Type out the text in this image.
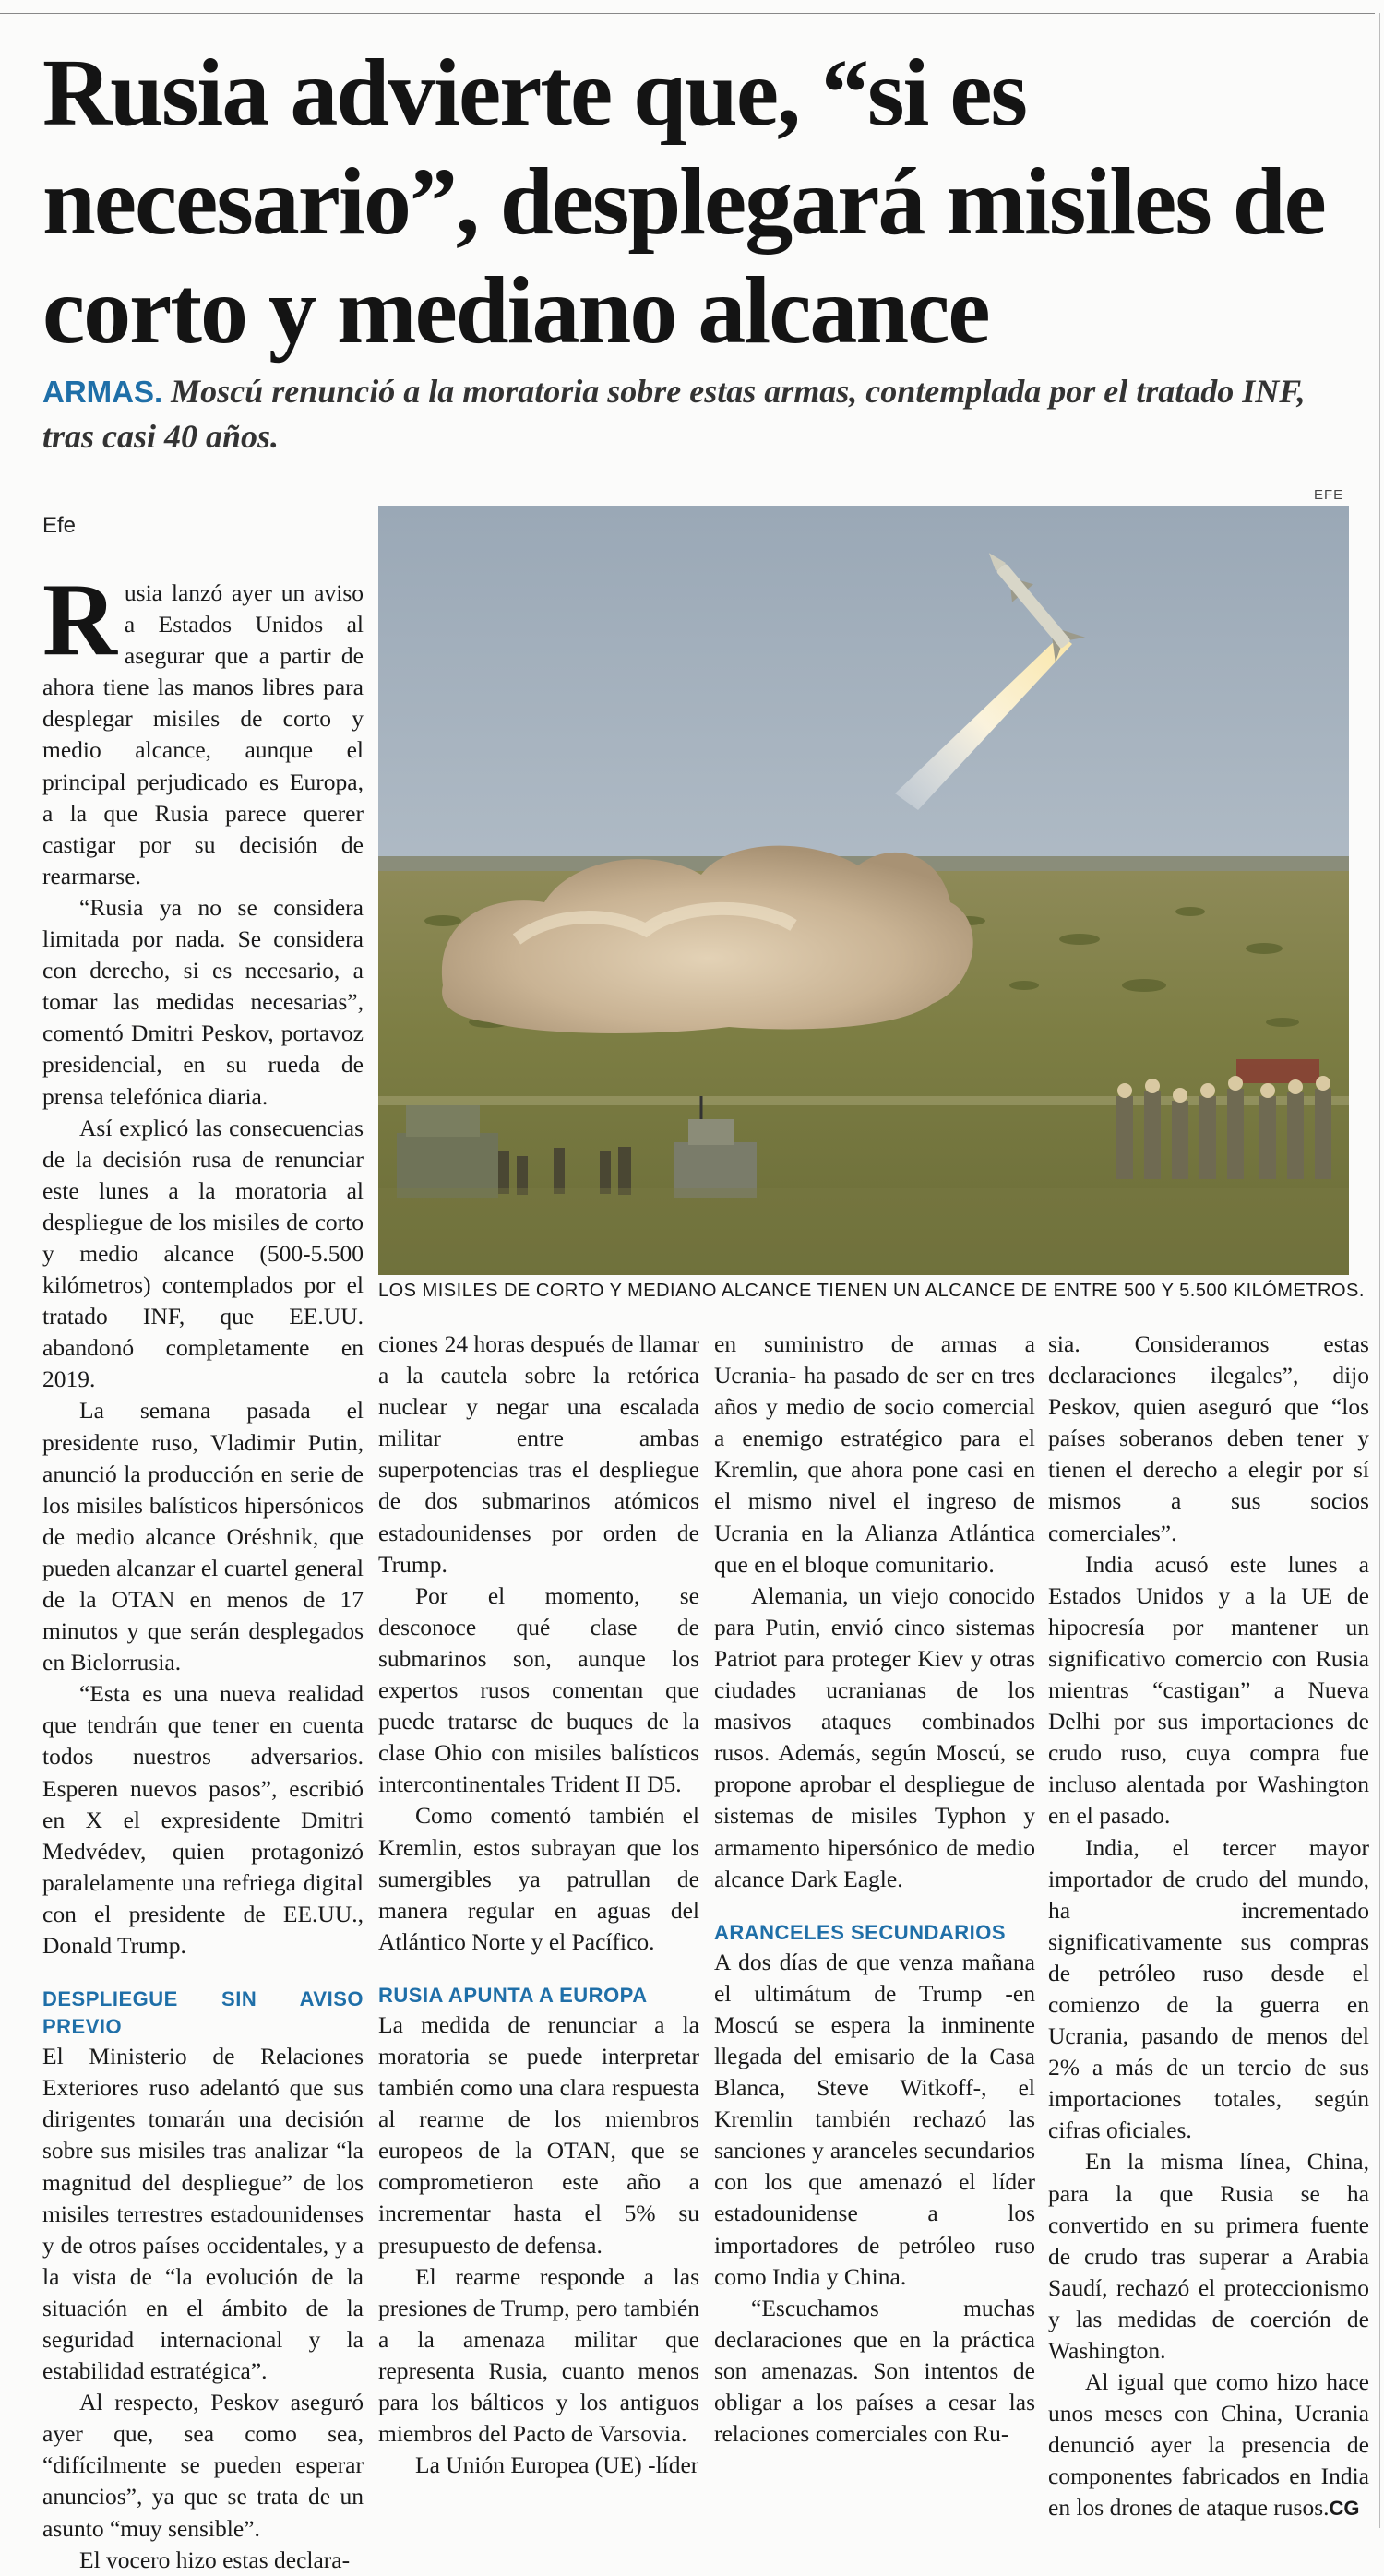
Rusia advierte que, “si es necesario”, desplegará misiles de corto y mediano alcance

ARMAS. Moscú renunció a la moratoria sobre estas armas, contemplada por el tratado INF, tras casi 40 años.

Efe
EFE
LOS MISILES DE CORTO Y MEDIANO ALCANCE TIENEN UN ALCANCE DE ENTRE 500 Y 5.500 KILÓMETROS.

Rusia lanzó ayer un aviso a Estados Unidos al asegurar que a partir de ahora tiene las manos libres para desplegar misiles de corto y medio alcance, aunque el principal perjudicado es Europa, a la que Rusia parece querer castigar por su decisión de rearmarse.

“Rusia ya no se considera limitada por nada. Se considera con derecho, si es necesario, a tomar las medidas necesarias”, comentó Dmitri Peskov, portavoz presidencial, en su rueda de prensa telefónica diaria.

Así explicó las consecuencias de la decisión rusa de renunciar este lunes a la moratoria al despliegue de los misiles de corto y medio alcance (500-5.500 kilómetros) contemplados por el tratado INF, que EE.UU. abandonó completamente en 2019.

La semana pasada el presidente ruso, Vladimir Putin, anunció la producción en serie de los misiles balísticos hipersónicos de medio alcance Oréshnik, que pueden alcanzar el cuartel general de la OTAN en menos de 17 minutos y que serán desplegados en Bielorrusia.

“Esta es una nueva realidad que tendrán que tener en cuenta todos nuestros adversarios. Esperen nuevos pasos”, escribió en X el expresidente Dmitri Medvédev, quien protagonizó paralelamente una refriega digital con el presidente de EE.UU., Donald Trump.

DESPLIEGUE SIN AVISO PREVIO

El Ministerio de Relaciones Exteriores ruso adelantó que sus dirigentes tomarán una decisión sobre sus misiles tras analizar “la magnitud del despliegue” de los misiles terrestres estadounidenses y de otros países occidentales, y a la vista de “la evolución de la situación en el ámbito de la seguridad internacional y la estabilidad estratégica”.

Al respecto, Peskov aseguró ayer que, sea como sea, “difícilmente se pueden esperar anuncios”, ya que se trata de un asunto “muy sensible”.

El vocero hizo estas declara-

ciones 24 horas después de llamar a la cautela sobre la retórica nuclear y negar una escalada militar entre ambas superpotencias tras el despliegue de dos submarinos atómicos estadounidenses por orden de Trump.

Por el momento, se desconoce qué clase de submarinos son, aunque los expertos rusos comentan que puede tratarse de buques de la clase Ohio con misiles balísticos intercontinentales Trident II D5.

Como comentó también el Kremlin, estos subrayan que los sumergibles ya patrullan de manera regular en aguas del Atlántico Norte y el Pacífico.

RUSIA APUNTA A EUROPA

La medida de renunciar a la moratoria se puede interpretar también como una clara respuesta al rearme de los miembros europeos de la OTAN, que se comprometieron este año a incrementar hasta el 5% su presupuesto de defensa.

El rearme responde a las presiones de Trump, pero también a la amenaza militar que representa Rusia, cuanto menos para los bálticos y los antiguos miembros del Pacto de Varsovia.

La Unión Europea (UE) -líder

en suministro de armas a Ucrania- ha pasado de ser en tres años y medio de socio comercial a enemigo estratégico para el Kremlin, que ahora pone casi en el mismo nivel el ingreso de Ucrania en la Alianza Atlántica que en el bloque comunitario.

Alemania, un viejo conocido para Putin, envió cinco sistemas Patriot para proteger Kiev y otras ciudades ucranianas de los masivos ataques combinados rusos. Además, según Moscú, se propone aprobar el despliegue de sistemas de misiles Typhon y armamento hipersónico de medio alcance Dark Eagle.

ARANCELES SECUNDARIOS

A dos días de que venza mañana el ultimátum de Trump -en Moscú se espera la inminente llegada del emisario de la Casa Blanca, Steve Witkoff-, el Kremlin también rechazó las sanciones y aranceles secundarios con los que amenazó el líder estadounidense a los importadores de petróleo ruso como India y China.

“Escuchamos muchas declaraciones que en la práctica son amenazas. Son intentos de obligar a los países a cesar las relaciones comerciales con Ru-

sia. Consideramos estas declaraciones ilegales”, dijo Peskov, quien aseguró que “los países soberanos deben tener y tienen el derecho a elegir por sí mismos a sus socios comerciales”.

India acusó este lunes a Estados Unidos y a la UE de hipocresía por mantener un significativo comercio con Rusia mientras “castigan” a Nueva Delhi por sus importaciones de crudo ruso, cuya compra fue incluso alentada por Washington en el pasado.

India, el tercer mayor importador de crudo del mundo, ha incrementado significativamente sus compras de petróleo ruso desde el comienzo de la guerra en Ucrania, pasando de menos del 2% a más de un tercio de sus importaciones totales, según cifras oficiales.

En la misma línea, China, para la que Rusia se ha convertido en su primera fuente de crudo tras superar a Arabia Saudí, rechazó el proteccionismo y las medidas de coerción de Washington.

Al igual que como hizo hace unos meses con China, Ucrania denunció ayer la presencia de componentes fabricados en India en los drones de ataque rusos.CG
